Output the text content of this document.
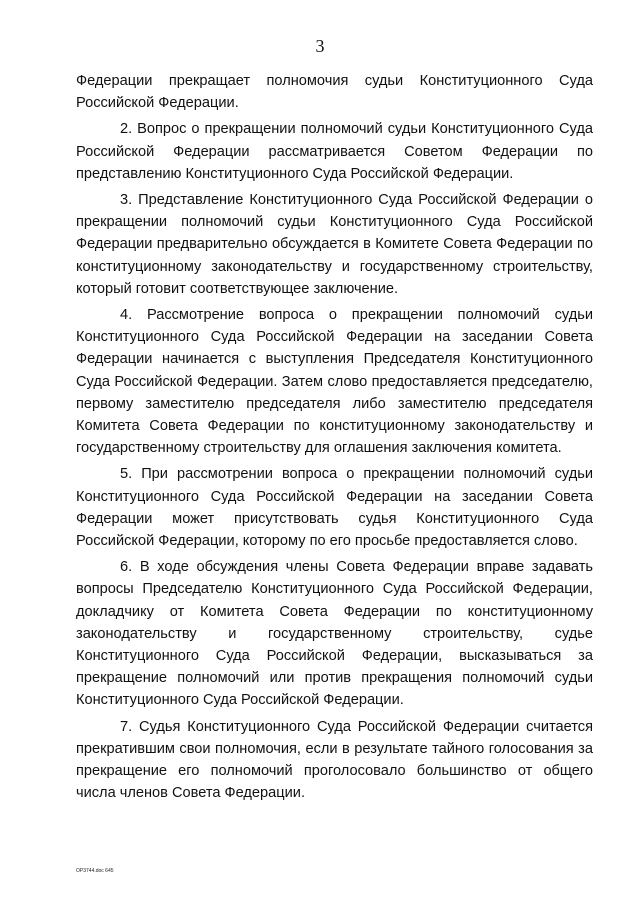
3

Федерации прекращает полномочия судьи Конституционного Суда Российской Федерации.

2. Вопрос о прекращении полномочий судьи Конституционного Суда Российской Федерации рассматривается Советом Федерации по представлению Конституционного Суда Российской Федерации.

3. Представление Конституционного Суда Российской Федерации о прекращении полномочий судьи Конституционного Суда Российской Федерации предварительно обсуждается в Комитете Совета Федерации по конституционному законодательству и государственному строительству, который готовит соответствующее заключение.

4. Рассмотрение вопроса о прекращении полномочий судьи Конституционного Суда Российской Федерации на заседании Совета Федерации начинается с выступления Председателя Конституционного Суда Российской Федерации. Затем слово предоставляется председателю, первому заместителю председателя либо заместителю председателя Комитета Совета Федерации по конституционному законодательству и государственному строительству для оглашения заключения комитета.

5. При рассмотрении вопроса о прекращении полномочий судьи Конституционного Суда Российской Федерации на заседании Совета Федерации может присутствовать судья Конституционного Суда Российской Федерации, которому по его просьбе предоставляется слово.

6. В ходе обсуждения члены Совета Федерации вправе задавать вопросы Председателю Конституционного Суда Российской Федерации, докладчику от Комитета Совета Федерации по конституционному законодательству и государственному строительству, судье Конституционного Суда Российской Федерации, высказываться за прекращение полномочий или против прекращения полномочий судьи Конституционного Суда Российской Федерации.

7. Судья Конституционного Суда Российской Федерации считается прекратившим свои полномочия, если в результате тайного голосования за прекращение его полномочий проголосовало большинство от общего числа членов Совета Федерации.

ОР3744.doc 645
